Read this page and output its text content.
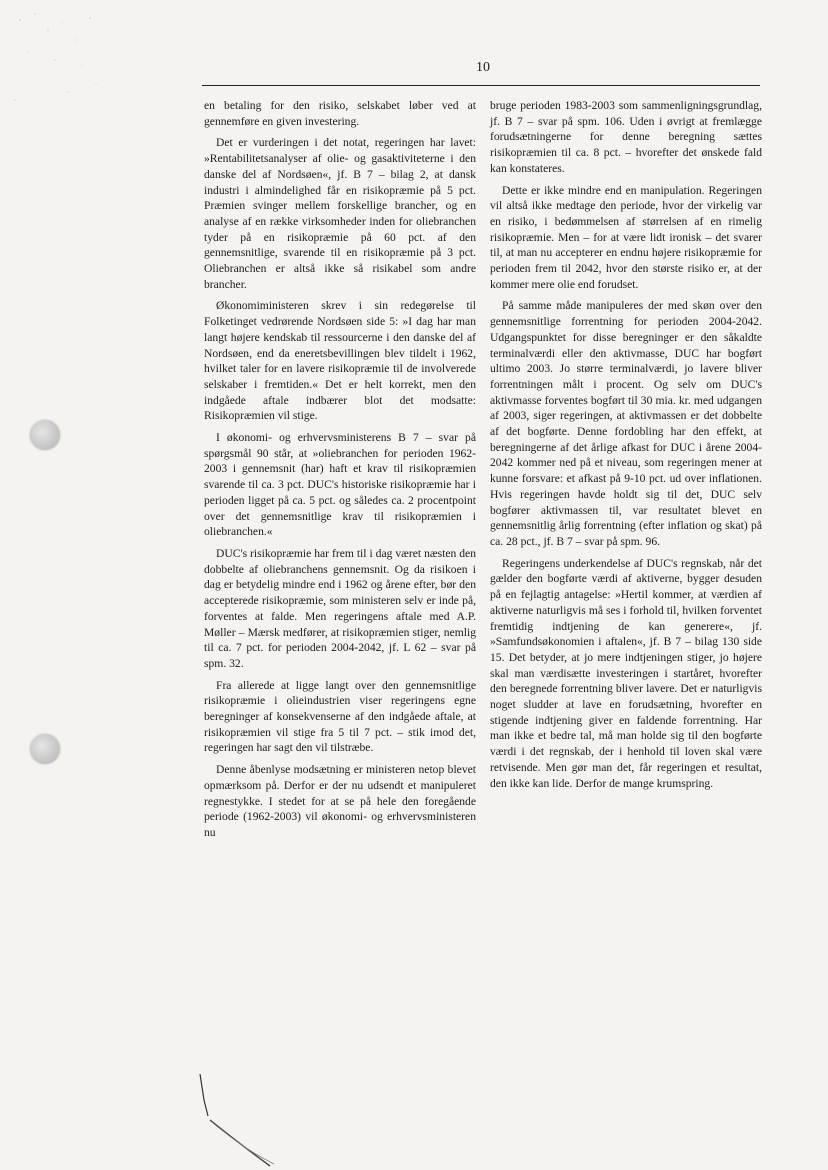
10

en betaling for den risiko, selskabet løber ved at gennemføre en given investering.

Det er vurderingen i det notat, regeringen har lavet: »Rentabilitetsanalyser af olie- og gasaktiviteterne i den danske del af Nordsøen«, jf. B 7 – bilag 2, at dansk industri i almindelighed får en risikopræmie på 5 pct. Præmien svinger mellem forskellige brancher, og en analyse af en række virksomheder inden for oliebranchen tyder på en risikopræmie på 60 pct. af den gennemsnitlige, svarende til en risikopræmie på 3 pct. Oliebranchen er altså ikke så risikabel som andre brancher.

Økonomiministeren skrev i sin redegørelse til Folketinget vedrørende Nordsøen side 5: »I dag har man langt højere kendskab til ressourcerne i den danske del af Nordsøen, end da eneretsbevillingen blev tildelt i 1962, hvilket taler for en lavere risikopræmie til de involverede selskaber i fremtiden.« Det er helt korrekt, men den indgåede aftale indbærer blot det modsatte: Risikopræmien vil stige.

I økonomi- og erhvervsministerens B 7 – svar på spørgsmål 90 står, at »oliebranchen for perioden 1962-2003 i gennemsnit (har) haft et krav til risikopræmien svarende til ca. 3 pct. DUC's historiske risikopræmie har i perioden ligget på ca. 5 pct. og således ca. 2 procentpoint over det gennemsnitlige krav til risikopræmien i oliebranchen.«

DUC's risikopræmie har frem til i dag været næsten den dobbelte af oliebranchens gennemsnit. Og da risikoen i dag er betydelig mindre end i 1962 og årene efter, bør den accepterede risikopræmie, som ministeren selv er inde på, forventes at falde. Men regeringens aftale med A.P. Møller – Mærsk medfører, at risikopræmien stiger, nemlig til ca. 7 pct. for perioden 2004-2042, jf. L 62 – svar på spm. 32.

Fra allerede at ligge langt over den gennemsnitlige risikopræmie i olieindustrien viser regeringens egne beregninger af konsekvenserne af den indgåede aftale, at risikopræmien vil stige fra 5 til 7 pct. – stik imod det, regeringen har sagt den vil tilstræbe.

Denne åbenlyse modsætning er ministeren netop blevet opmærksom på. Derfor er der nu udsendt et manipuleret regnestykke. I stedet for at se på hele den foregående periode (1962-2003) vil økonomi- og erhvervsministeren nu

bruge perioden 1983-2003 som sammenligningsgrundlag, jf. B 7 – svar på spm. 106. Uden i øvrigt at fremlægge forudsætningerne for denne beregning sættes risikopræmien til ca. 8 pct. – hvorefter det ønskede fald kan konstateres.

Dette er ikke mindre end en manipulation. Regeringen vil altså ikke medtage den periode, hvor der virkelig var en risiko, i bedømmelsen af størrelsen af en rimelig risikopræmie. Men – for at være lidt ironisk – det svarer til, at man nu accepterer en endnu højere risikopræmie for perioden frem til 2042, hvor den største risiko er, at der kommer mere olie end forudset.

På samme måde manipuleres der med skøn over den gennemsnitlige forrentning for perioden 2004-2042. Udgangspunktet for disse beregninger er den såkaldte terminalværdi eller den aktivmasse, DUC har bogført ultimo 2003. Jo større terminalværdi, jo lavere bliver forrentningen målt i procent. Og selv om DUC's aktivmasse forventes bogført til 30 mia. kr. med udgangen af 2003, siger regeringen, at aktivmassen er det dobbelte af det bogførte. Denne fordobling har den effekt, at beregningerne af det årlige afkast for DUC i årene 2004-2042 kommer ned på et niveau, som regeringen mener at kunne forsvare: et afkast på 9-10 pct. ud over inflationen. Hvis regeringen havde holdt sig til det, DUC selv bogfører aktivmassen til, var resultatet blevet en gennemsnitlig årlig forrentning (efter inflation og skat) på ca. 28 pct., jf. B 7 – svar på spm. 96.

Regeringens underkendelse af DUC's regnskab, når det gælder den bogførte værdi af aktiverne, bygger desuden på en fejlagtig antagelse: »Hertil kommer, at værdien af aktiverne naturligvis må ses i forhold til, hvilken forventet fremtidig indtjening de kan generere«, jf. »Samfundsøkonomien i aftalen«, jf. B 7 – bilag 130 side 15. Det betyder, at jo mere indtjeningen stiger, jo højere skal man værdisætte investeringen i startåret, hvorefter den beregnede forrentning bliver lavere. Det er naturligvis noget sludder at lave en forudsætning, hvorefter en stigende indtjening giver en faldende forrentning. Har man ikke et bedre tal, må man holde sig til den bogførte værdi i det regnskab, der i henhold til loven skal være retvisende. Men gør man det, får regeringen et resultat, den ikke kan lide. Derfor de mange krumspring.
